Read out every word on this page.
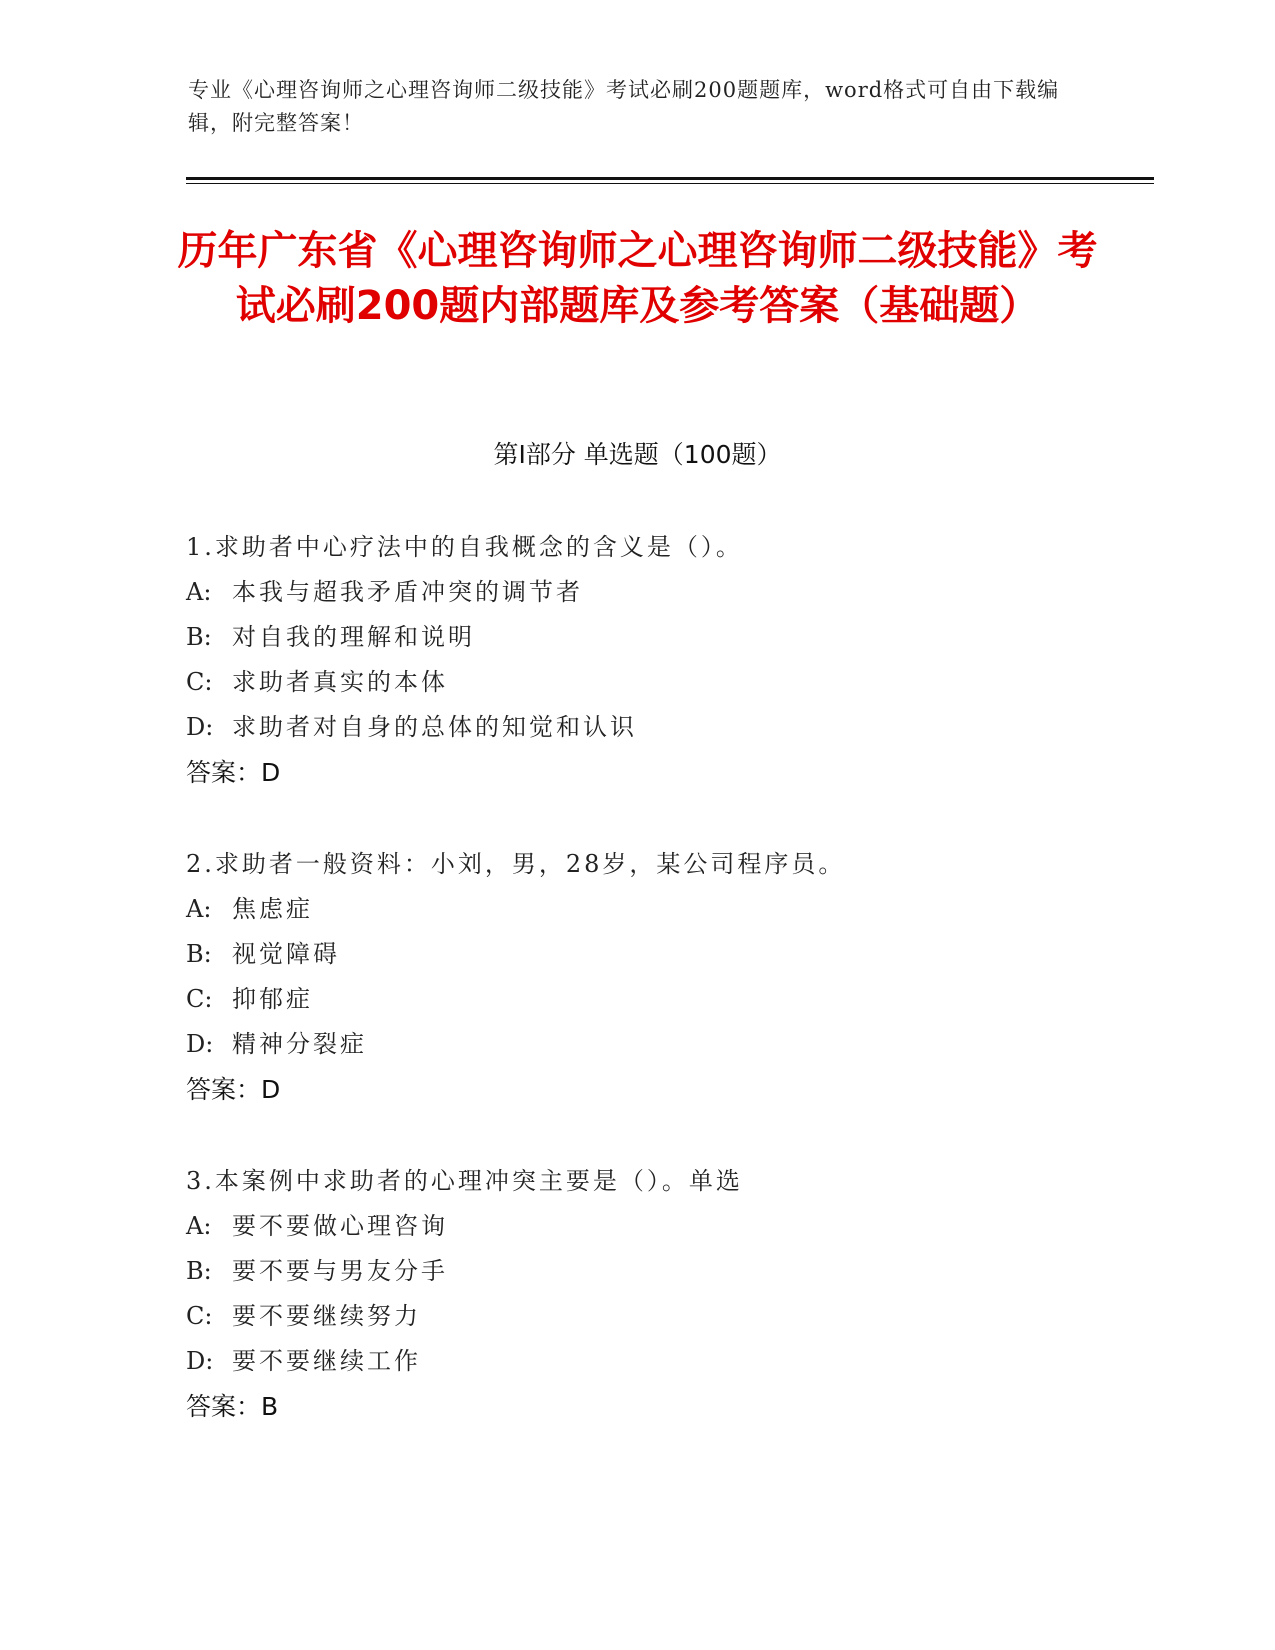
专业《心理咨询师之心理咨询师二级技能》考试必刷200题题库，word格式可自由下载编辑，附完整答案！
历年广东省《心理咨询师之心理咨询师二级技能》考试必刷200题内部题库及参考答案（基础题）
第I部分 单选题（100题）
1.求助者中心疗法中的自我概念的含义是（）。
A: 本我与超我矛盾冲突的调节者
B: 对自我的理解和说明
C: 求助者真实的本体
D: 求助者对自身的总体的知觉和认识
答案：D
2.求助者一般资料：小刘，男，28岁，某公司程序员。
A: 焦虑症
B: 视觉障碍
C: 抑郁症
D: 精神分裂症
答案：D
3.本案例中求助者的心理冲突主要是（）。单选
A: 要不要做心理咨询
B: 要不要与男友分手
C: 要不要继续努力
D: 要不要继续工作
答案：B
